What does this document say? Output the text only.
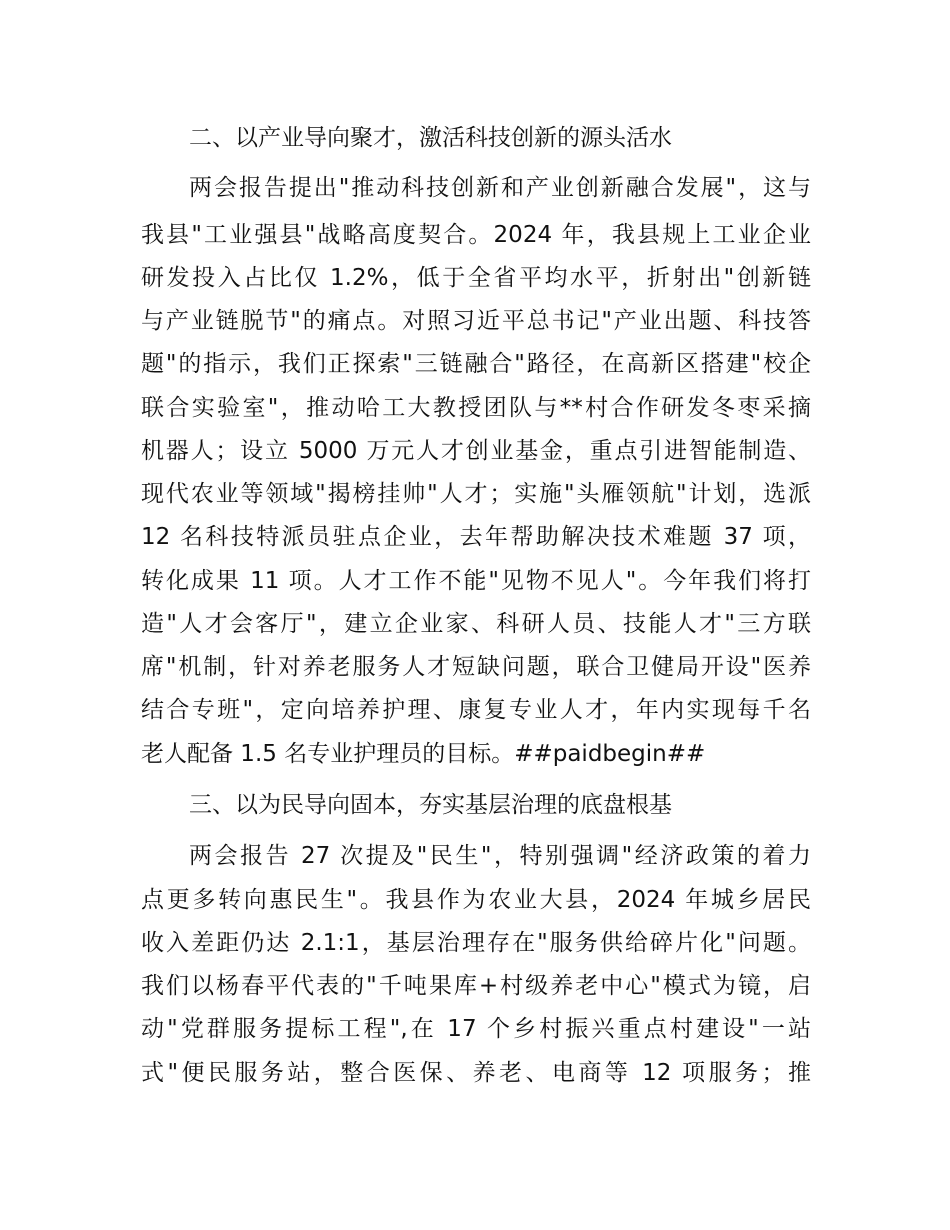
二、以产业导向聚才，激活科技创新的源头活水
两会报告提出"推动科技创新和产业创新融合发展"，这与
我县"工业强县"战略高度契合。2024 年，我县规上工业企业
研发投入占比仅 1.2%，低于全省平均水平，折射出"创新链
与产业链脱节"的痛点。对照习近平总书记"产业出题、科技答
题"的指示，我们正探索"三链融合"路径，在高新区搭建"校企
联合实验室"，推动哈工大教授团队与**村合作研发冬枣采摘
机器人；设立 5000 万元人才创业基金，重点引进智能制造、
现代农业等领域"揭榜挂帅"人才；实施"头雁领航"计划，选派
12 名科技特派员驻点企业，去年帮助解决技术难题 37 项，
转化成果 11 项。人才工作不能"见物不见人"。今年我们将打
造"人才会客厅"，建立企业家、科研人员、技能人才"三方联
席"机制，针对养老服务人才短缺问题，联合卫健局开设"医养
结合专班"，定向培养护理、康复专业人才，年内实现每千名
老人配备 1.5 名专业护理员的目标。##paidbegin##
三、以为民导向固本，夯实基层治理的底盘根基
两会报告 27 次提及"民生"，特别强调"经济政策的着力
点更多转向惠民生"。我县作为农业大县，2024 年城乡居民
收入差距仍达 2.1:1，基层治理存在"服务供给碎片化"问题。
我们以杨春平代表的"千吨果库+村级养老中心"模式为镜，启
动"党群服务提标工程",在 17 个乡村振兴重点村建设"一站
式"便民服务站，整合医保、养老、电商等 12 项服务；推
